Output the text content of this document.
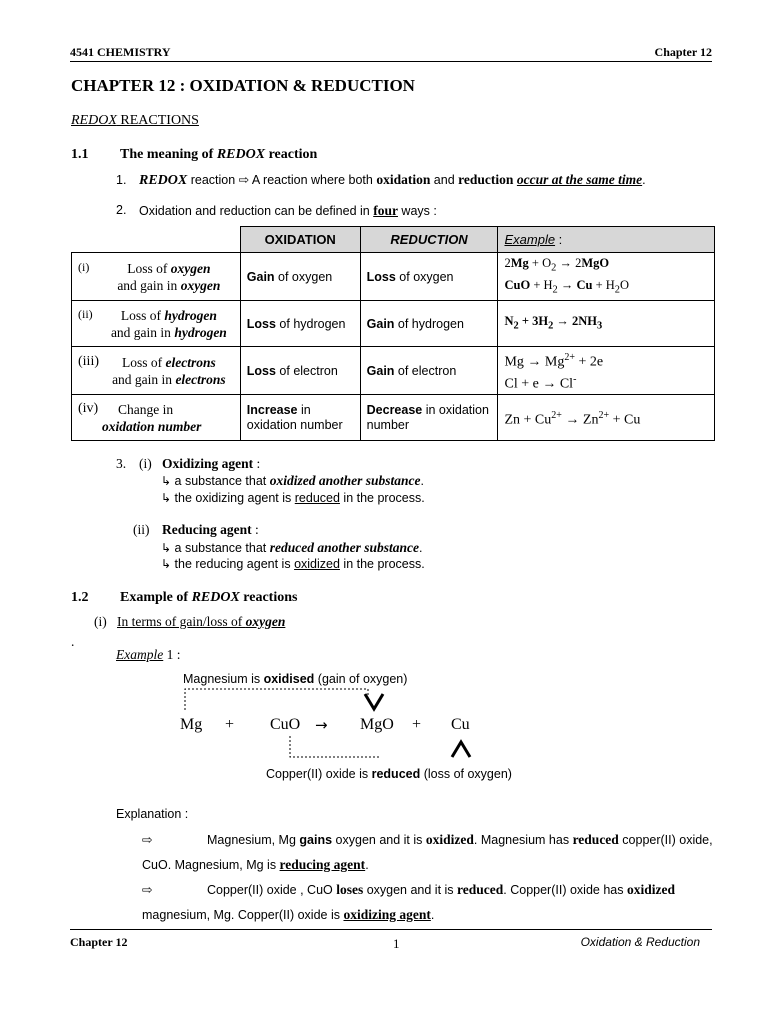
4541 CHEMISTRY	Chapter 12
CHAPTER 12 : OXIDATION & REDUCTION
REDOX REACTIONS
1.1 The meaning of REDOX reaction
1. REDOX reaction ⇨ A reaction where both oxidation and reduction occur at the same time.
2. Oxidation and reduction can be defined in four ways :
	OXIDATION	REDUCTION	Example :

(i) Loss of oxygen
and gain in oxygen	Gain of oxygen	Loss of oxygen	$2Mg + O_2 \to 2MgO$
CuO + $H_2 \to Cu + H_2O$

(ii) Loss of hydrogen
and gain in hydrogen	Loss of hydrogen	Gain of hydrogen	$N_2 + 3H_2 \to 2NH_3$

(iii) Loss of electrons
and gain in electrons	Loss of electron	Gain of electron	$Mg \to Mg^{2+} + 2e$
Cl + e → Cl-

(iv) Change in
oxidation number	Increase in
oxidation number	Decrease in oxidation
number	$Zn + Cu^{2+} \to Zn^{2+} + Cu$
3. (i) Oxidizing agent :
↳ a substance that oxidized another substance.
↳ the oxidizing agent is reduced in the process.
(ii) Reducing agent :
↳ a substance that reduced another substance.
↳ the reducing agent is oxidized in the process.
1.2 Example of REDOX reactions
(i) In terms of gain/loss of oxygen
.
Example 1 :
Magnesium is oxidised (gain of oxygen)
Mg + CuO → MgO + Cu
Copper(II) oxide is reduced (loss of oxygen)
Explanation :
⇨	Magnesium, Mg gains oxygen and it is oxidized. Magnesium has reduced copper(II) oxide,
CuO. Magnesium, Mg is reducing agent.
⇨	Copper(II) oxide , CuO loses oxygen and it is reduced. Copper(II) oxide has oxidized
magnesium, Mg. Copper(II) oxide is oxidizing agent.
Chapter 12	1	Oxidation & Reduction
